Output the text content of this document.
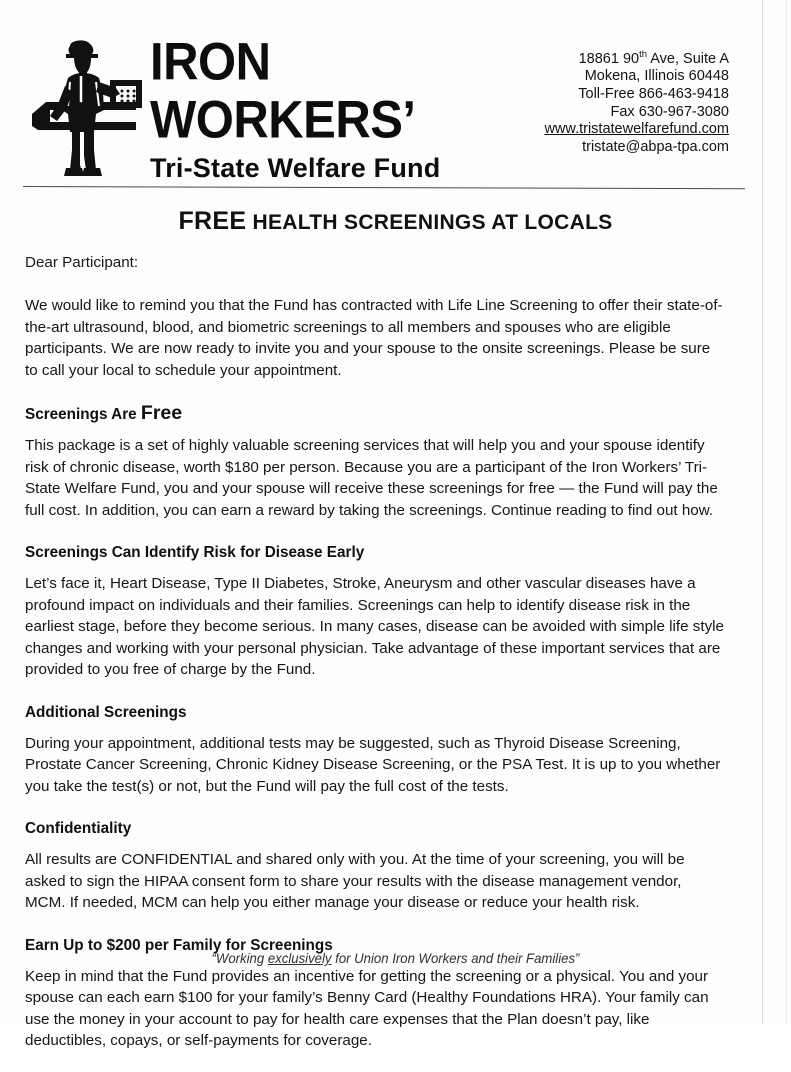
IRON
WORKERS’
Tri-State Welfare Fund
18861 90th Ave, Suite A
Mokena, Illinois 60448
Toll-Free 866-463-9418
Fax 630-967-3080
www.tristatewelfarefund.com
tristate@abpa-tpa.com
FREE HEALTH SCREENINGS AT LOCALS

Dear Participant:

We would like to remind you that the Fund has contracted with Life Line Screening to offer their state-of-the-art ultrasound, blood, and biometric screenings to all members and spouses who are eligible participants. We are now ready to invite you and your spouse to the onsite screenings. Please be sure to call your local to schedule your appointment.

Screenings Are Free

This package is a set of highly valuable screening services that will help you and your spouse identify risk of chronic disease, worth $180 per person. Because you are a participant of the Iron Workers’ Tri-State Welfare Fund, you and your spouse will receive these screenings for free — the Fund will pay the full cost. In addition, you can earn a reward by taking the screenings. Continue reading to find out how.

Screenings Can Identify Risk for Disease Early

Let’s face it, Heart Disease, Type II Diabetes, Stroke, Aneurysm and other vascular diseases have a profound impact on individuals and their families. Screenings can help to identify disease risk in the earliest stage, before they become serious. In many cases, disease can be avoided with simple life style changes and working with your personal physician. Take advantage of these important services that are provided to you free of charge by the Fund.

Additional Screenings

During your appointment, additional tests may be suggested, such as Thyroid Disease Screening, Prostate Cancer Screening, Chronic Kidney Disease Screening, or the PSA Test. It is up to you whether you take the test(s) or not, but the Fund will pay the full cost of the tests.

Confidentiality

All results are CONFIDENTIAL and shared only with you. At the time of your screening, you will be asked to sign the HIPAA consent form to share your results with the disease management vendor, MCM. If needed, MCM can help you either manage your disease or reduce your health risk.

Earn Up to $200 per Family for Screenings

Keep in mind that the Fund provides an incentive for getting the screening or a physical. You and your spouse can each earn $100 for your family’s Benny Card (Healthy Foundations HRA). Your family can use the money in your account to pay for health care expenses that the Plan doesn’t pay, like deductibles, copays, or self-payments for coverage.

“Working exclusively for Union Iron Workers and their Families”
